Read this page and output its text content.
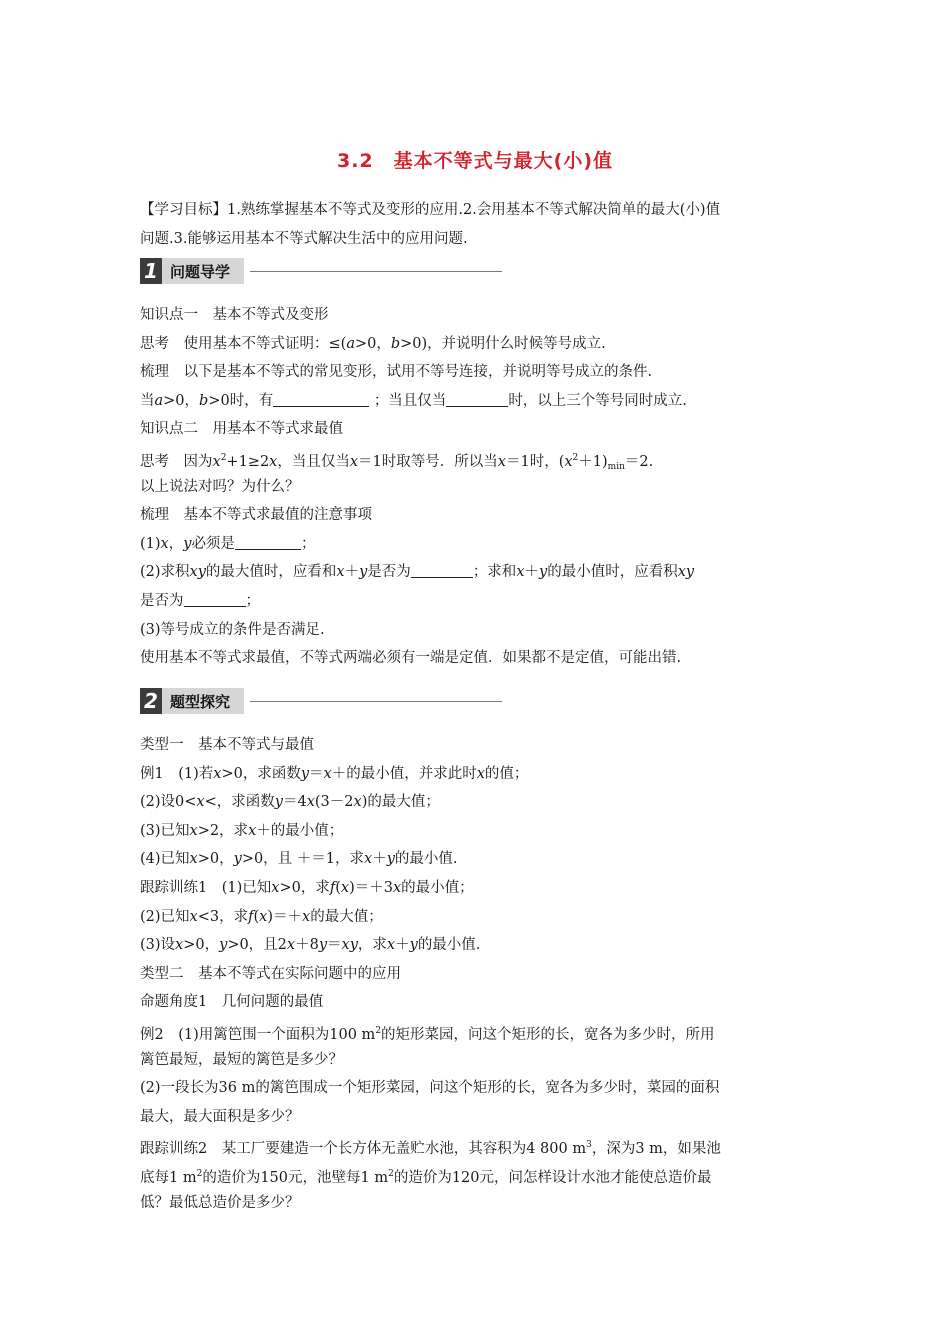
3.2　基本不等式与最大(小)值
【学习目标】1.熟练掌握基本不等式及变形的应用.2.会用基本不等式解决简单的最大(小)值
问题.3.能够运用基本不等式解决生活中的应用问题.
1 问题导学
知识点一　基本不等式及变形
思考　使用基本不等式证明：≤(a>0，b>0)，并说明什么时候等号成立.
梳理　以下是基本不等式的常见变形，试用不等号连接，并说明等号成立的条件.
当a>0，b>0时，有	；当且仅当	时，以上三个等号同时成立.
知识点二　用基本不等式求最值
思考　因为$x^2+1\ge 2x$，当且仅当x＝1时取等号．所以当x＝1时，$(x^2+1)_{min}=2$.
以上说法对吗？为什么？
梳理　基本不等式求最值的注意事项
(1)x，y必须是	；
(2)求积xy的最大值时，应看和x＋y是否为	；求和x＋y的最小值时，应看积xy
是否为	；
(3)等号成立的条件是否满足.
使用基本不等式求最值，不等式两端必须有一端是定值．如果都不是定值，可能出错.
2 题型探究
类型一　基本不等式与最值
例1　(1)若x>0，求函数y＝x＋的最小值，并求此时x的值；
(2)设0<x<，求函数y＝4x(3－2x)的最大值；
(3)已知x>2，求x＋的最小值；
(4)已知x>0，y>0，且 ＋＝1，求x＋y的最小值.
跟踪训练1　(1)已知x>0，求f(x)＝＋3x的最小值；
(2)已知x<3，求f(x)＝＋x的最大值；
(3)设x>0，y>0，且2x＋8y＝xy，求x＋y的最小值.
类型二　基本不等式在实际问题中的应用
命题角度1　几何问题的最值
例2　(1)用篱笆围一个面积为100 $m^2$的矩形菜园，问这个矩形的长，宽各为多少时，所用
篱笆最短，最短的篱笆是多少？
(2)一段长为36 m的篱笆围成一个矩形菜园，问这个矩形的长，宽各为多少时，菜园的面积
最大，最大面积是多少？
跟踪训练2　某工厂要建造一个长方体无盖贮水池，其容积为4 800 $m^3$，深为3 m，如果池
底每1 $m^2$的造价为150元，池壁每1 $m^2$的造价为120元，问怎样设计水池才能使总造价最
低？最低总造价是多少？
